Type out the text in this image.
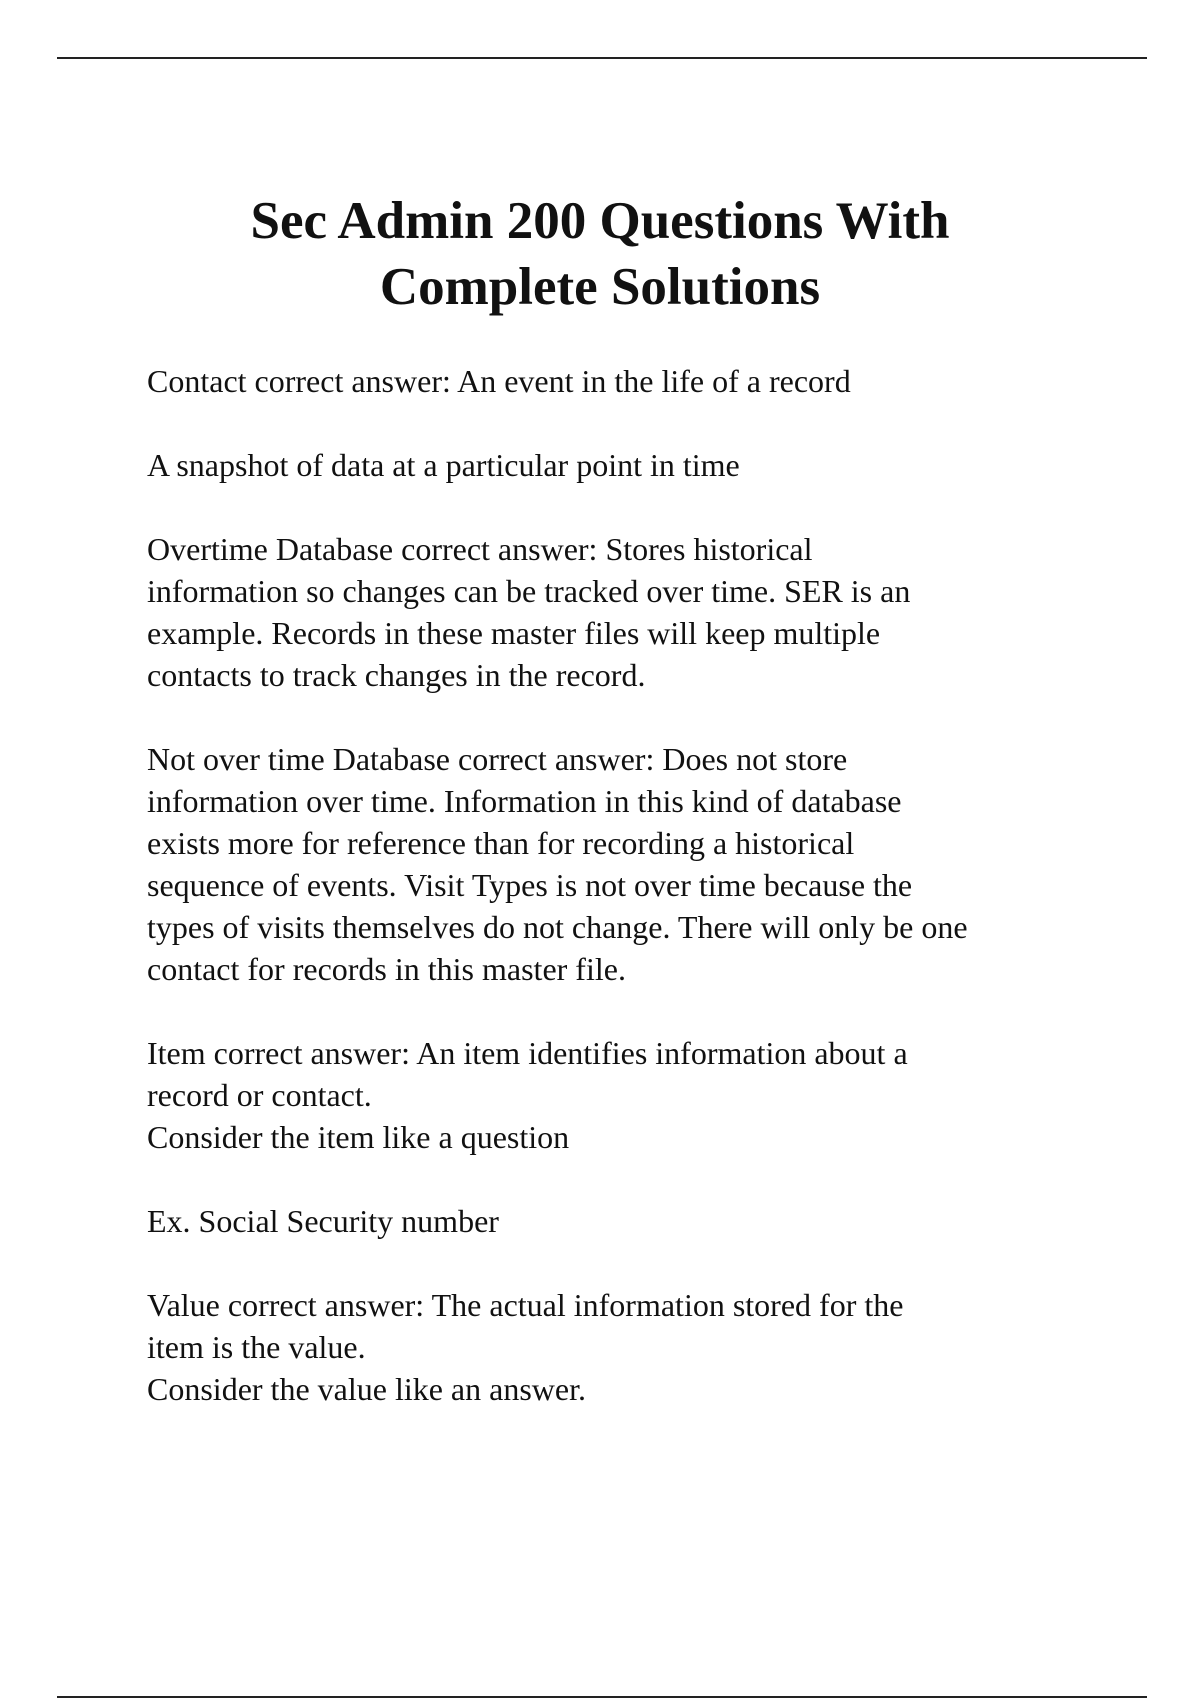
Sec Admin 200 Questions With
Complete Solutions
Contact correct answer: An event in the life of a record
A snapshot of data at a particular point in time
Overtime Database correct answer: Stores historical
information so changes can be tracked over time. SER is an
example. Records in these master files will keep multiple
contacts to track changes in the record.
Not over time Database correct answer: Does not store
information over time. Information in this kind of database
exists more for reference than for recording a historical
sequence of events. Visit Types is not over time because the
types of visits themselves do not change. There will only be one
contact for records in this master file.
Item correct answer: An item identifies information about a
record or contact.
Consider the item like a question
Ex. Social Security number
Value correct answer: The actual information stored for the
item is the value.
Consider the value like an answer.
